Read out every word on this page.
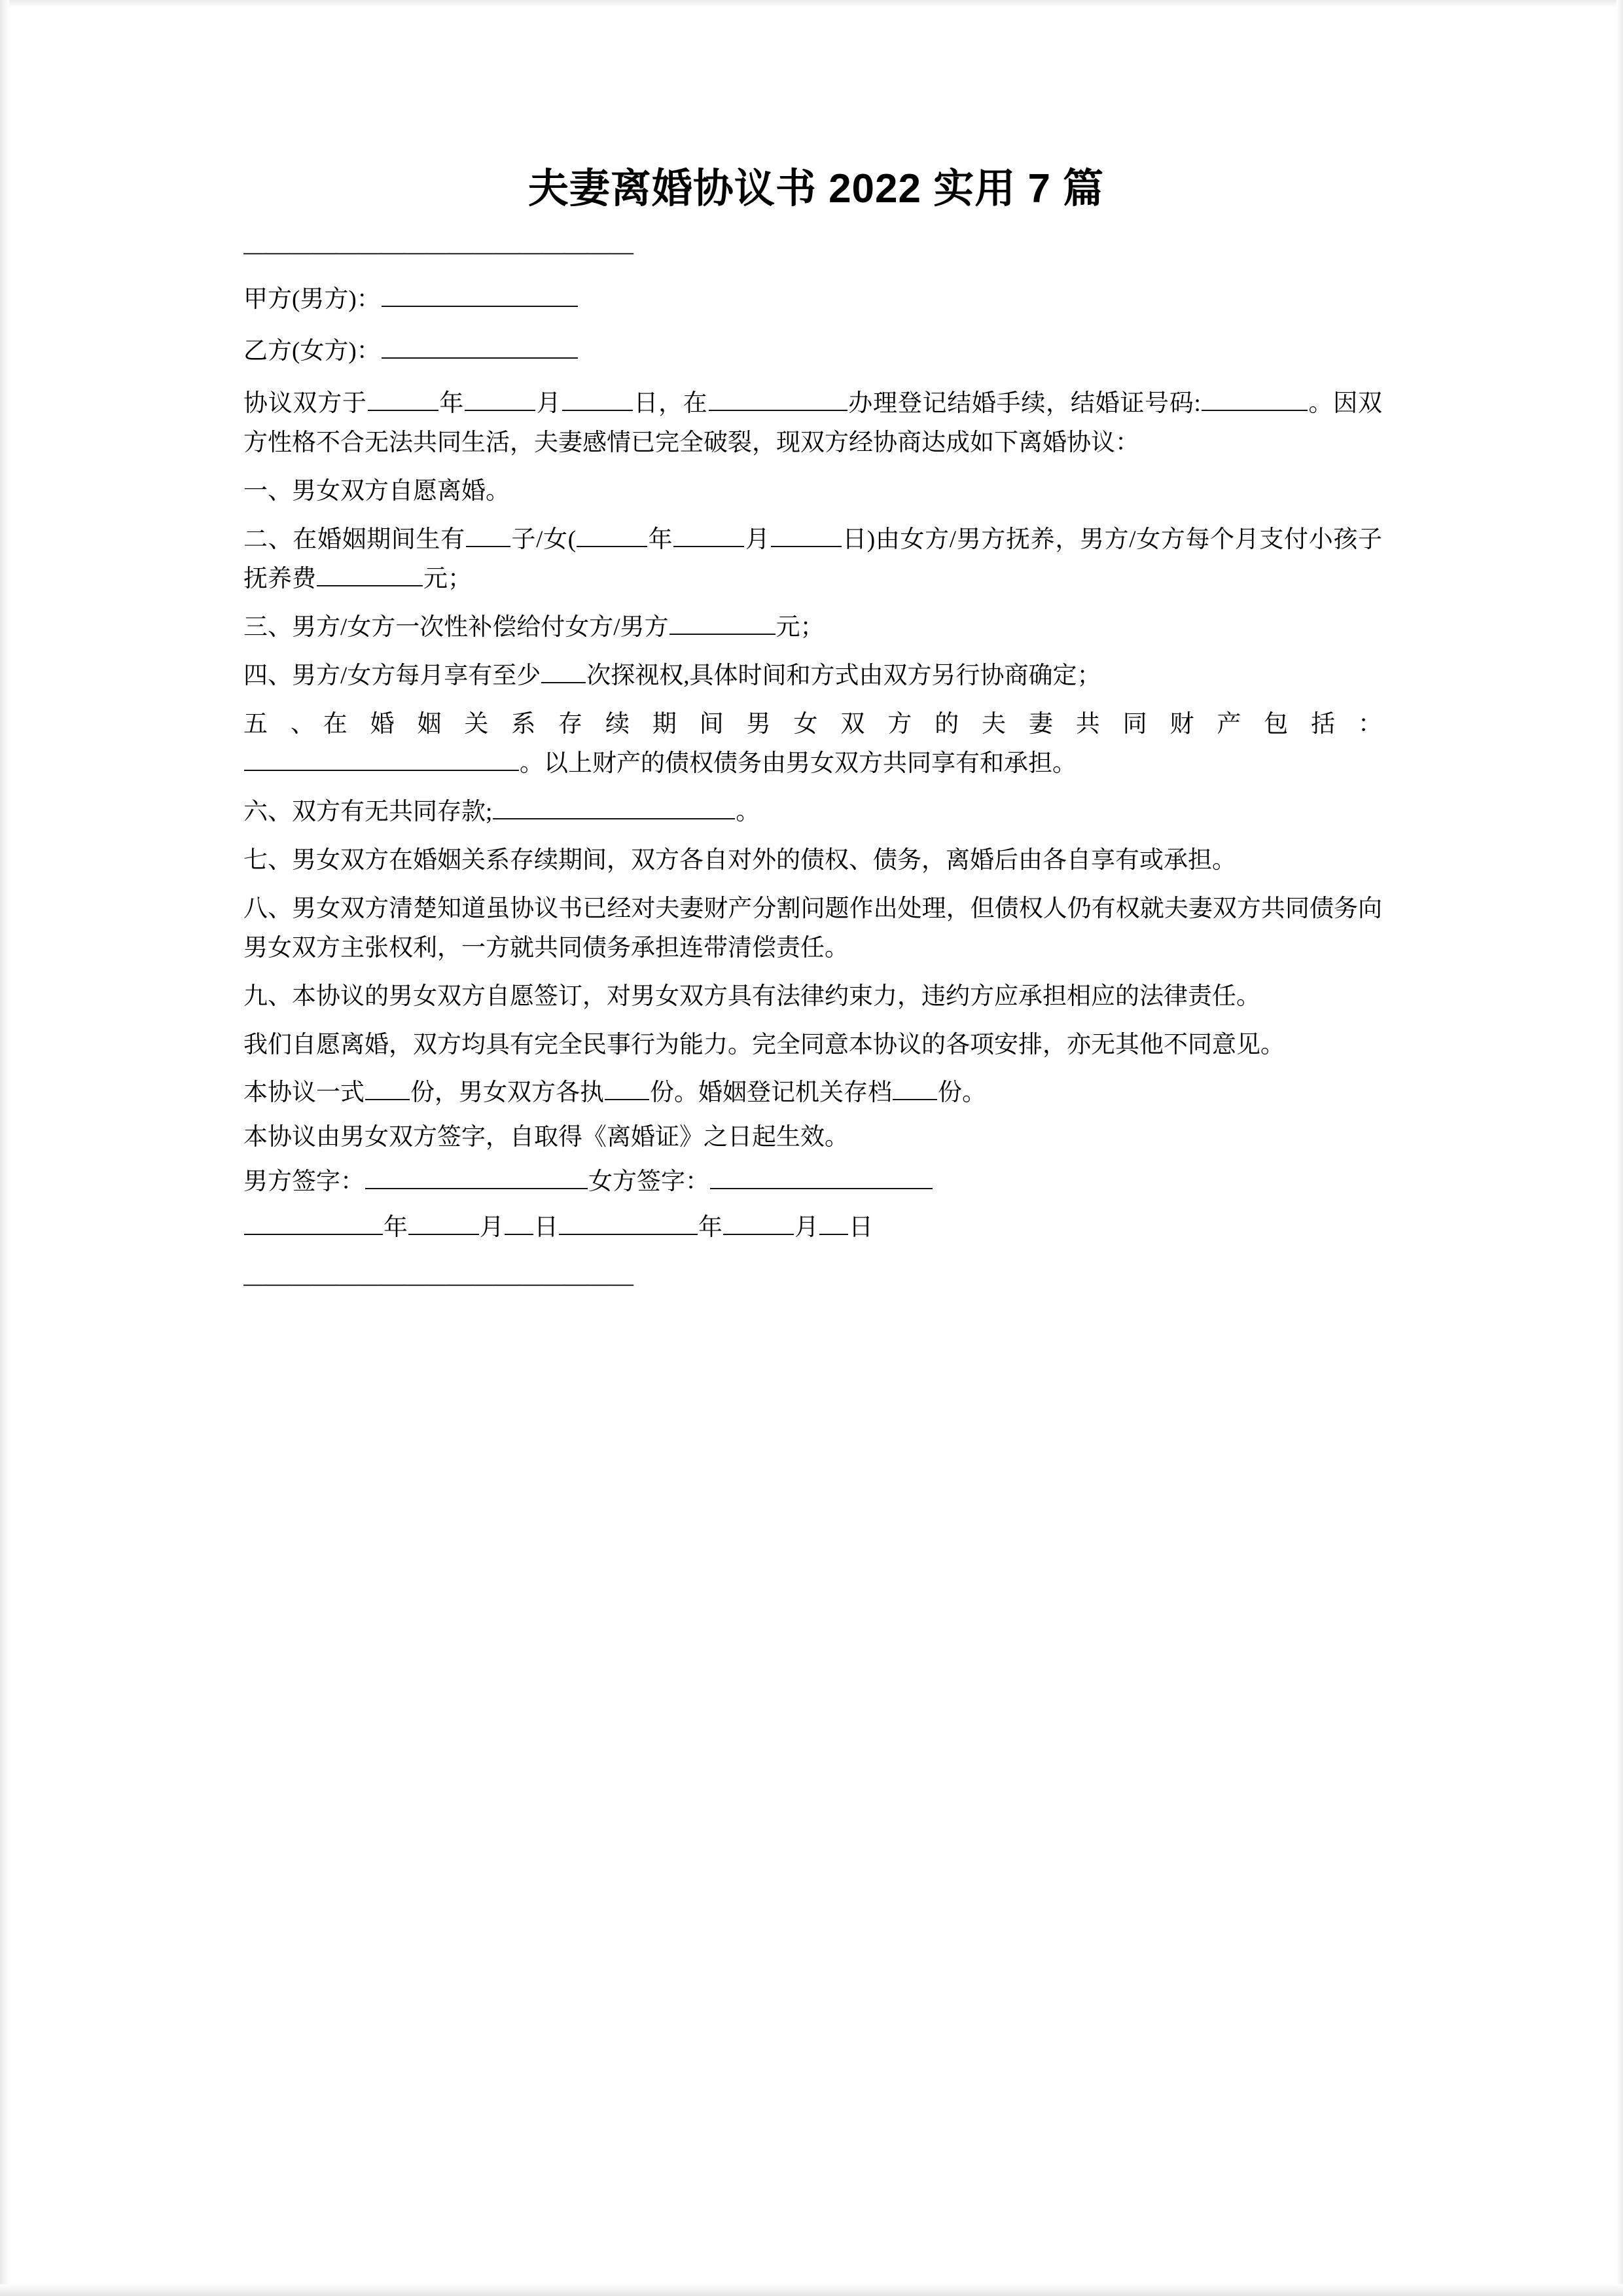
夫妻离婚协议书 2022 实用 7 篇
—————————————————

甲方(男方)：

乙方(女方)：

协议双方于	年	月	日，在	办理登记结婚手续，结婚证号码:	。因双方性格不合无法共同生活，夫妻感情已完全破裂，现双方经协商达成如下离婚协议：

一、男女双方自愿离婚。

二、在婚姻期间生有 子/女(	年	月	日)由女方/男方抚养，男方/女方每个月支付小孩子抚养费	元；

三、男方/女方一次性补偿给付女方/男方	元；

四、男方/女方每月享有至少 次探视权,具体时间和方式由双方另行协商确定；

五 、在 婚 姻 关 系 存 续 期 间 男 女 双 方 的 夫 妻 共 同 财 产 包 括 ：
。以上财产的债权债务由男女双方共同享有和承担。

六、双方有无共同存款;	。

七、男女双方在婚姻关系存续期间，双方各自对外的债权、债务，离婚后由各自享有或承担。

八、男女双方清楚知道虽协议书已经对夫妻财产分割问题作出处理，但债权人仍有权就夫妻双方共同债务向男女双方主张权利，一方就共同债务承担连带清偿责任。

九、本协议的男女双方自愿签订，对男女双方具有法律约束力，违约方应承担相应的法律责任。

我们自愿离婚，双方均具有完全民事行为能力。完全同意本协议的各项安排，亦无其他不同意见。

本协议一式 份，男女双方各执 份。婚姻登记机关存档 份。

本协议由男女双方签字，自取得《离婚证》之日起生效。

男方签字：	女方签字：

年	月 日	年	月 日

—————————————————
